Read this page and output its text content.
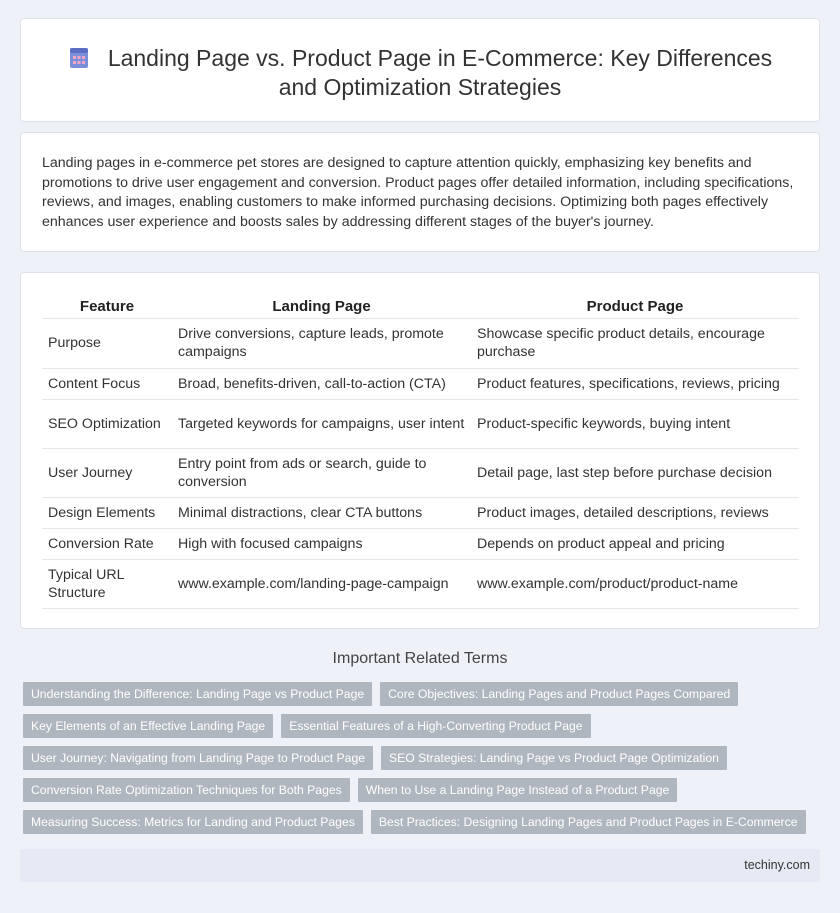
Landing Page vs. Product Page in E-Commerce: Key Differences
and Optimization Strategies

Landing pages in e-commerce pet stores are designed to capture attention quickly, emphasizing key benefits and promotions to drive user engagement and conversion. Product pages offer detailed information, including specifications, reviews, and images, enabling customers to make informed purchasing decisions. Optimizing both pages effectively enhances user experience and boosts sales by addressing different stages of the buyer's journey.

Feature	Landing Page	Product Page
Purpose	Drive conversions, capture leads, promote campaigns	Showcase specific product details, encourage purchase
Content Focus	Broad, benefits-driven, call-to-action (CTA)	Product features, specifications, reviews, pricing
SEO Optimization	Targeted keywords for campaigns, user intent	Product-specific keywords, buying intent
User Journey	Entry point from ads or search, guide to conversion	Detail page, last step before purchase decision
Design Elements	Minimal distractions, clear CTA buttons	Product images, detailed descriptions, reviews
Conversion Rate	High with focused campaigns	Depends on product appeal and pricing
Typical URL Structure	www.example.com/landing-page-campaign	www.example.com/product/product-name
Important Related Terms
Understanding the Difference: Landing Page vs Product Page	Core Objectives: Landing Pages and Product Pages Compared
Key Elements of an Effective Landing Page	Essential Features of a High-Converting Product Page
User Journey: Navigating from Landing Page to Product Page	SEO Strategies: Landing Page vs Product Page Optimization
Conversion Rate Optimization Techniques for Both Pages	When to Use a Landing Page Instead of a Product Page
Measuring Success: Metrics for Landing and Product Pages	Best Practices: Designing Landing Pages and Product Pages in E-Commerce
techiny.com
